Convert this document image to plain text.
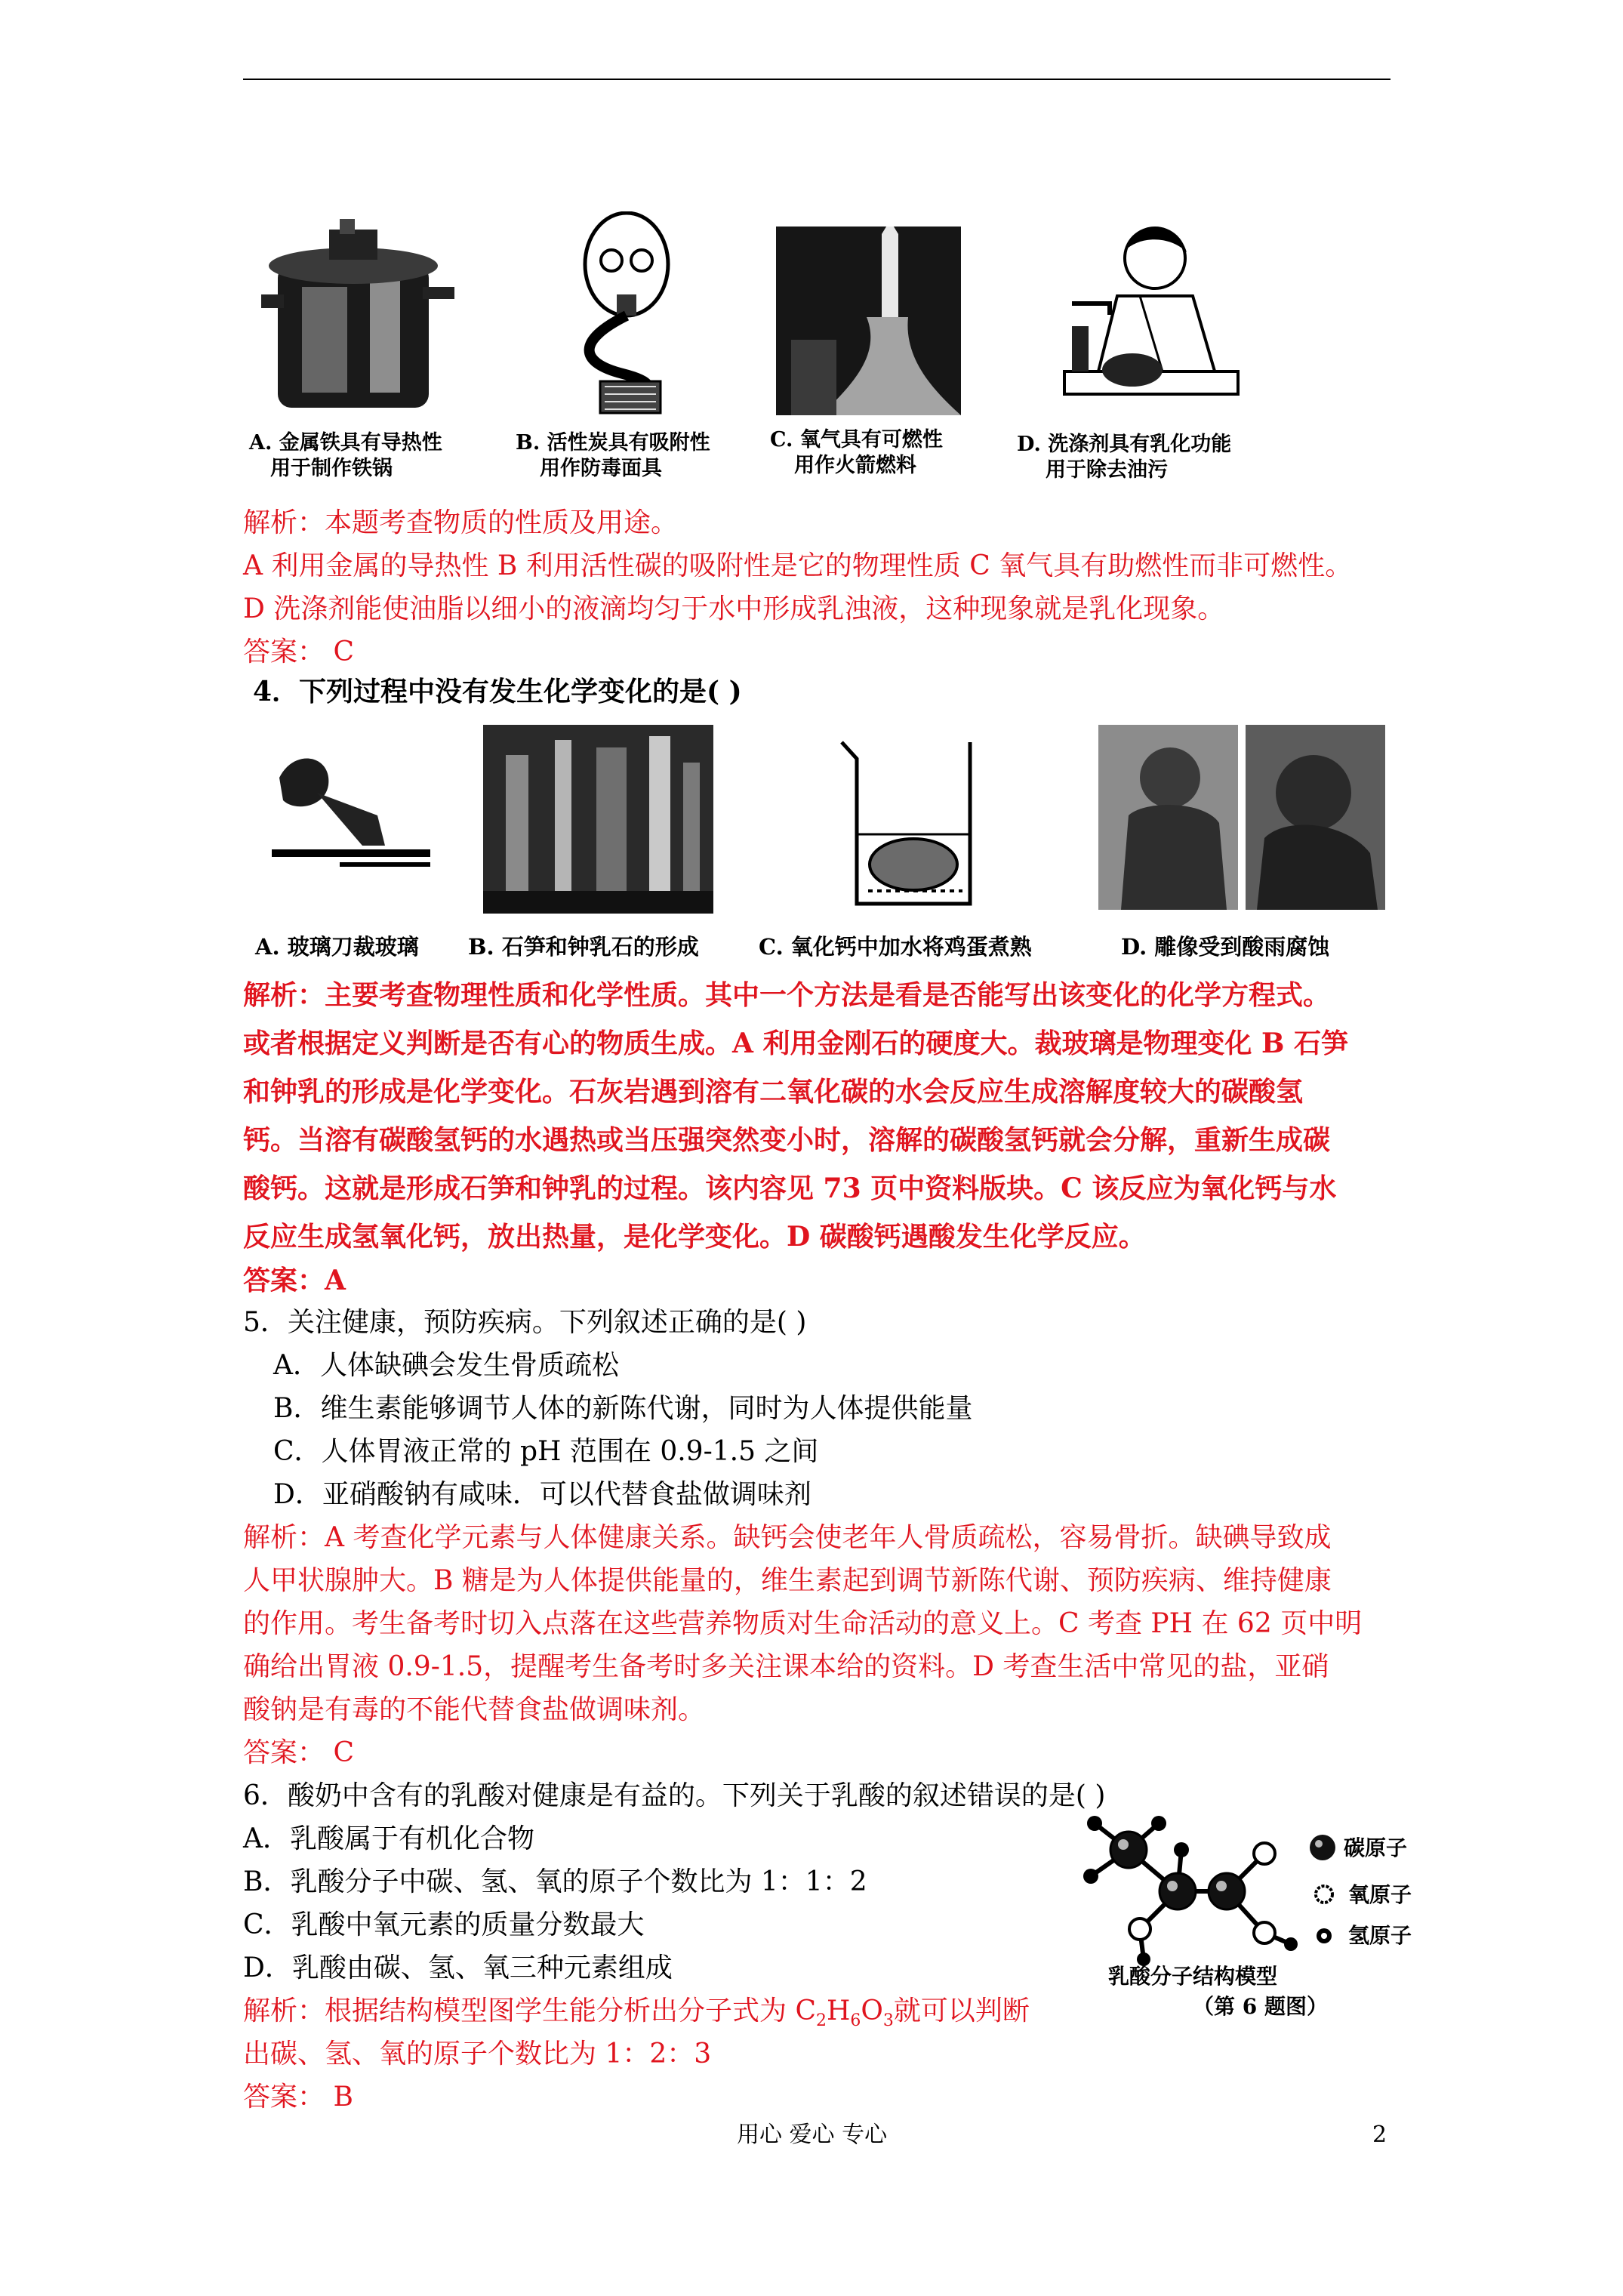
A. 金属铁具有导热性
用于制作铁锅
B. 活性炭具有吸附性
用作防毒面具
C. 氧气具有可燃性
用作火箭燃料
D. 洗涤剂具有乳化功能
用于除去油污
解析：本题考查物质的性质及用途。
A 利用金属的导热性 B 利用活性碳的吸附性是它的物理性质 C 氧气具有助燃性而非可燃性。
D 洗涤剂能使油脂以细小的液滴均匀于水中形成乳浊液，这种现象就是乳化现象。
答案： C
4．下列过程中没有发生化学变化的是( )
A. 玻璃刀裁玻璃 B. 石笋和钟乳石的形成	C. 氧化钙中加水将鸡蛋煮熟	D. 雕像受到酸雨腐蚀
解析：主要考查物理性质和化学性质。其中一个方法是看是否能写出该变化的化学方程式。
或者根据定义判断是否有心的物质生成。A 利用金刚石的硬度大。裁玻璃是物理变化 B 石笋
和钟乳的形成是化学变化。石灰岩遇到溶有二氧化碳的水会反应生成溶解度较大的碳酸氢
钙。当溶有碳酸氢钙的水遇热或当压强突然变小时，溶解的碳酸氢钙就会分解，重新生成碳
酸钙。这就是形成石笋和钟乳的过程。该内容见 73 页中资料版块。C 该反应为氧化钙与水
反应生成氢氧化钙，放出热量，是化学变化。D 碳酸钙遇酸发生化学反应。
答案：A
5．关注健康，预防疾病。下列叙述正确的是( )
A．人体缺碘会发生骨质疏松
B．维生素能够调节人体的新陈代谢，同时为人体提供能量
C．人体胃液正常的 pH 范围在 0.9-1.5 之间
D．亚硝酸钠有咸味．可以代替食盐做调味剂
解析：A 考查化学元素与人体健康关系。缺钙会使老年人骨质疏松，容易骨折。缺碘导致成
人甲状腺肿大。B 糖是为人体提供能量的，维生素起到调节新陈代谢、预防疾病、维持健康
的作用。考生备考时切入点落在这些营养物质对生命活动的意义上。C 考查 PH 在 62 页中明
确给出胃液 0.9-1.5，提醒考生备考时多关注课本给的资料。D 考查生活中常见的盐，亚硝
酸钠是有毒的不能代替食盐做调味剂。
答案： C
6．酸奶中含有的乳酸对健康是有益的。下列关于乳酸的叙述错误的是( )
A．乳酸属于有机化合物
B．乳酸分子中碳、氢、氧的原子个数比为 1：1：2
C．乳酸中氧元素的质量分数最大
D．乳酸由碳、氢、氧三种元素组成
解析：根据结构模型图学生能分析出分子式为 $C_2H_6O_3$就可以判断
出碳、氢、氧的原子个数比为 1：2：3
答案： B
碳原子
氧原子
氢原子
乳酸分子结构模型
（第 6 题图）
用心 爱心 专心	2
